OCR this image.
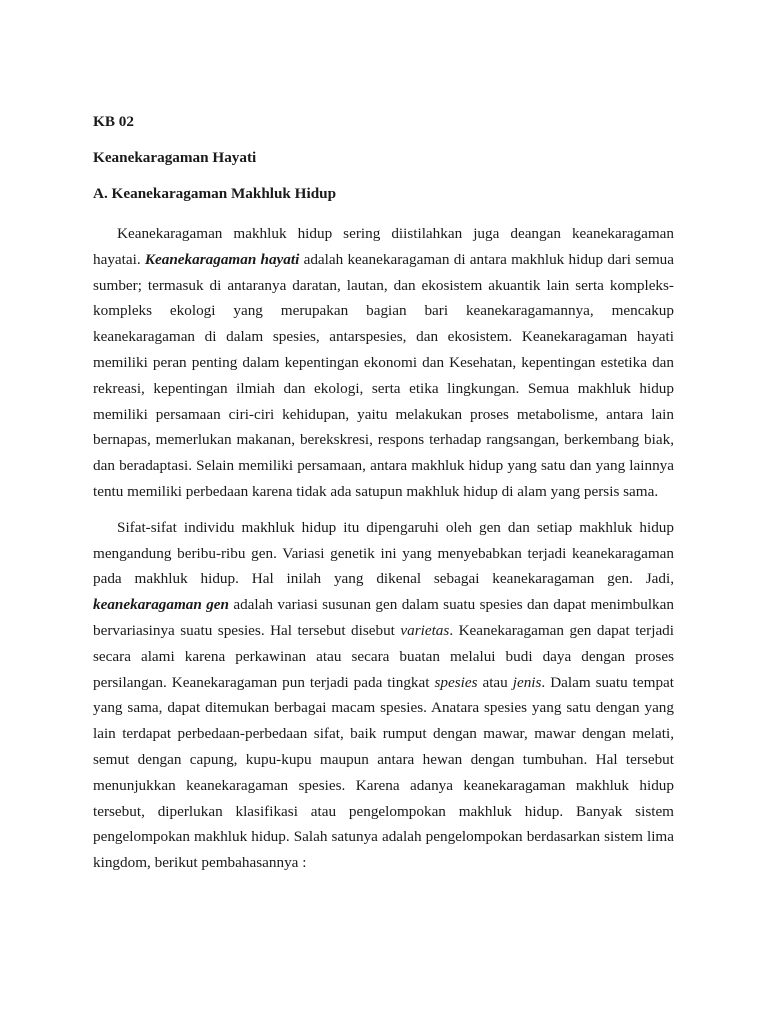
KB 02

Keanekaragaman Hayati

A. Keanekaragaman Makhluk Hidup

Keanekaragaman makhluk hidup sering diistilahkan juga deangan keanekaragaman hayatai. Keanekaragaman hayati adalah keanekaragaman di antara makhluk hidup dari semua sumber; termasuk di antaranya daratan, lautan, dan ekosistem akuantik lain serta kompleks-kompleks ekologi yang merupakan bagian bari keanekaragamannya, mencakup keanekaragaman di dalam spesies, antarspesies, dan ekosistem. Keanekaragaman hayati memiliki peran penting dalam kepentingan ekonomi dan Kesehatan, kepentingan estetika dan rekreasi, kepentingan ilmiah dan ekologi, serta etika lingkungan. Semua makhluk hidup memiliki persamaan ciri-ciri kehidupan, yaitu melakukan proses metabolisme, antara lain bernapas, memerlukan makanan, berekskresi, respons terhadap rangsangan, berkembang biak, dan beradaptasi. Selain memiliki persamaan, antara makhluk hidup yang satu dan yang lainnya tentu memiliki perbedaan karena tidak ada satupun makhluk hidup di alam yang persis sama.

Sifat-sifat individu makhluk hidup itu dipengaruhi oleh gen dan setiap makhluk hidup mengandung beribu-ribu gen. Variasi genetik ini yang menyebabkan terjadi keanekaragaman pada makhluk hidup. Hal inilah yang dikenal sebagai keanekaragaman gen. Jadi, keanekaragaman gen adalah variasi susunan gen dalam suatu spesies dan dapat menimbulkan bervariasinya suatu spesies. Hal tersebut disebut varietas. Keanekaragaman gen dapat terjadi secara alami karena perkawinan atau secara buatan melalui budi daya dengan proses persilangan. Keanekaragaman pun terjadi pada tingkat spesies atau jenis. Dalam suatu tempat yang sama, dapat ditemukan berbagai macam spesies. Anatara spesies yang satu dengan yang lain terdapat perbedaan-perbedaan sifat, baik rumput dengan mawar, mawar dengan melati, semut dengan capung, kupu-kupu maupun antara hewan dengan tumbuhan. Hal tersebut menunjukkan keanekaragaman spesies. Karena adanya keanekaragaman makhluk hidup tersebut, diperlukan klasifikasi atau pengelompokan makhluk hidup. Banyak sistem pengelompokan makhluk hidup. Salah satunya adalah pengelompokan berdasarkan sistem lima kingdom, berikut pembahasannya :
